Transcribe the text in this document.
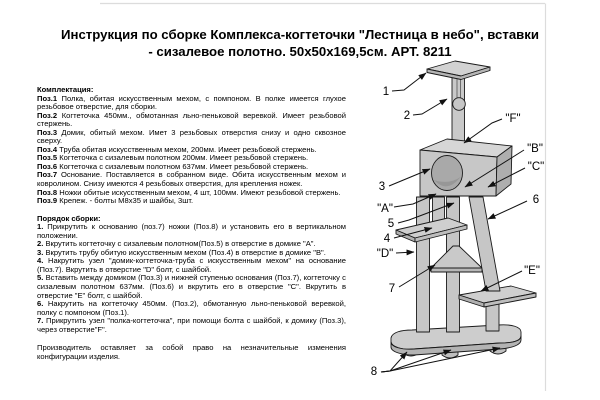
Инструкция по сборке Комплекса-когтеточки "Лестница в небо", вставки
- сизалевое полотно. 50х50х169,5см. АРТ. 8211
Комплектация:
Поз.1 Полка, обитая искусственным мехом, с помпоном. В полке имеется глухое резьбовое отверстие, для сборки.
Поз.2 Когтеточка 450мм., обмотанная льно-пеньковой веревкой. Имеет резьбовой стержень.
Поз.3 Домик, обитый мехом. Имет 3 резьбовых отверстия снизу и одно сквозное сверху.
Поз.4 Труба обитая искусственным мехом, 200мм. Имеет резьбовой стержень.
Поз.5 Когтеточка с сизалевым полотном 200мм. Имеет резьбовой стержень.
Поз.6 Когтеточка с сизалевым полотном 637мм. Имеет резьбовой стержень.
Поз.7 Основание. Поставляется в собранном виде. Обита искусственным мехом и ковролином. Снизу имеются 4 резьбовых отверстия, для крепления ножек.
Поз.8 Ножки обитые искусственным мехом, 4 шт, 100мм. Имеют резьбовой стержень.
Поз.9 Крепеж. - болты М8х35 и шайбы, 3шт.
Порядок сборки:
1. Прикрутить к основанию (поз.7) ножки (Поз.8) и установить его в вертикальном положении.
2. Вкрутить когтеточку с сизалевым полотном(Поз.5) в отверстие в домике "А".
3. Вкрутить трубу обитую искусственным мехом (Поз.4) в отверстие в домике "В".
4. Накрутить узел "домик-когтеточка-труба с искусственным мехом" на основание (Поз.7). Вкрутить в отверстие "D" болт, с шайбой.
5. Вставить между домиком (Поз.3) и нижней ступенью основания (Поз.7), когтеточку с сизалевым полотном 637мм. (Поз.6) и вкрутить его в отверстие "С". Вкрутить в отверстие "Е" болт, с шайбой.
6. Накрутить на когтеточку 450мм. (Поз.2), обмотанную льно-пеньковой веревкой, полку с помпоном (Поз.1).
7. Прикрутить узел "полка-когтеточка", при помощи болта с шайбой, к домику (Поз.3), через отверстие"F".
Производитель оставляет за собой право на незначительные изменения конфигурации изделия.
1
2	"F"
"В"
"С"
3
"А"
5
4
"D"
6
7
"Е"
8
